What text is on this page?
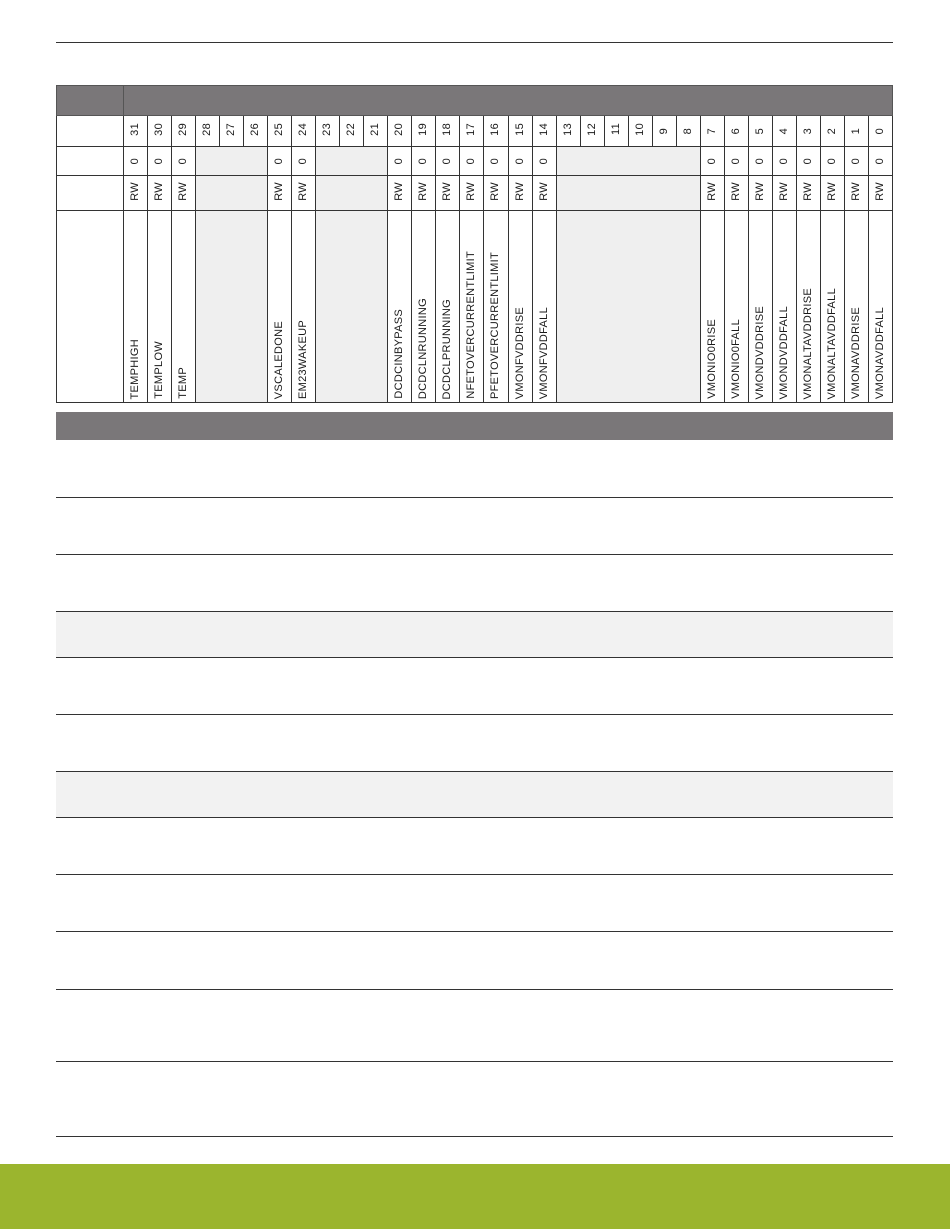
	31	30	29	28	27	26	25	24	23	22	21	20	19	18	17	16	15	14	13	12	11	10	9	8	7	6	5	4	3	2	1	0
	0	0	0				0	0				0	0	0	0	0	0	0							0	0	0	0	0	0	0	0
	RW	RW	RW				RW	RW				RW	RW	RW	RW	RW	RW	RW							RW	RW	RW	RW	RW	RW	RW	RW
	TEMPHIGH	TEMPLOW	TEMP				VSCALEDONE	EM23WAKEUP				DCDCINBYPASS	DCDCLNRUNNING	DCDCLPRUNNING	NFETOVERCURRENTLIMIT	PFETOVERCURRENTLIMIT	VMONFVDDRISE	VMONFVDDFALL							VMONIO0RISE	VMONIO0FALL	VMONDVDDRISE	VMONDVDDFALL	VMONALTAVDDRISE	VMONALTAVDDFALL	VMONAVDDRISE	VMONAVDDFALL
